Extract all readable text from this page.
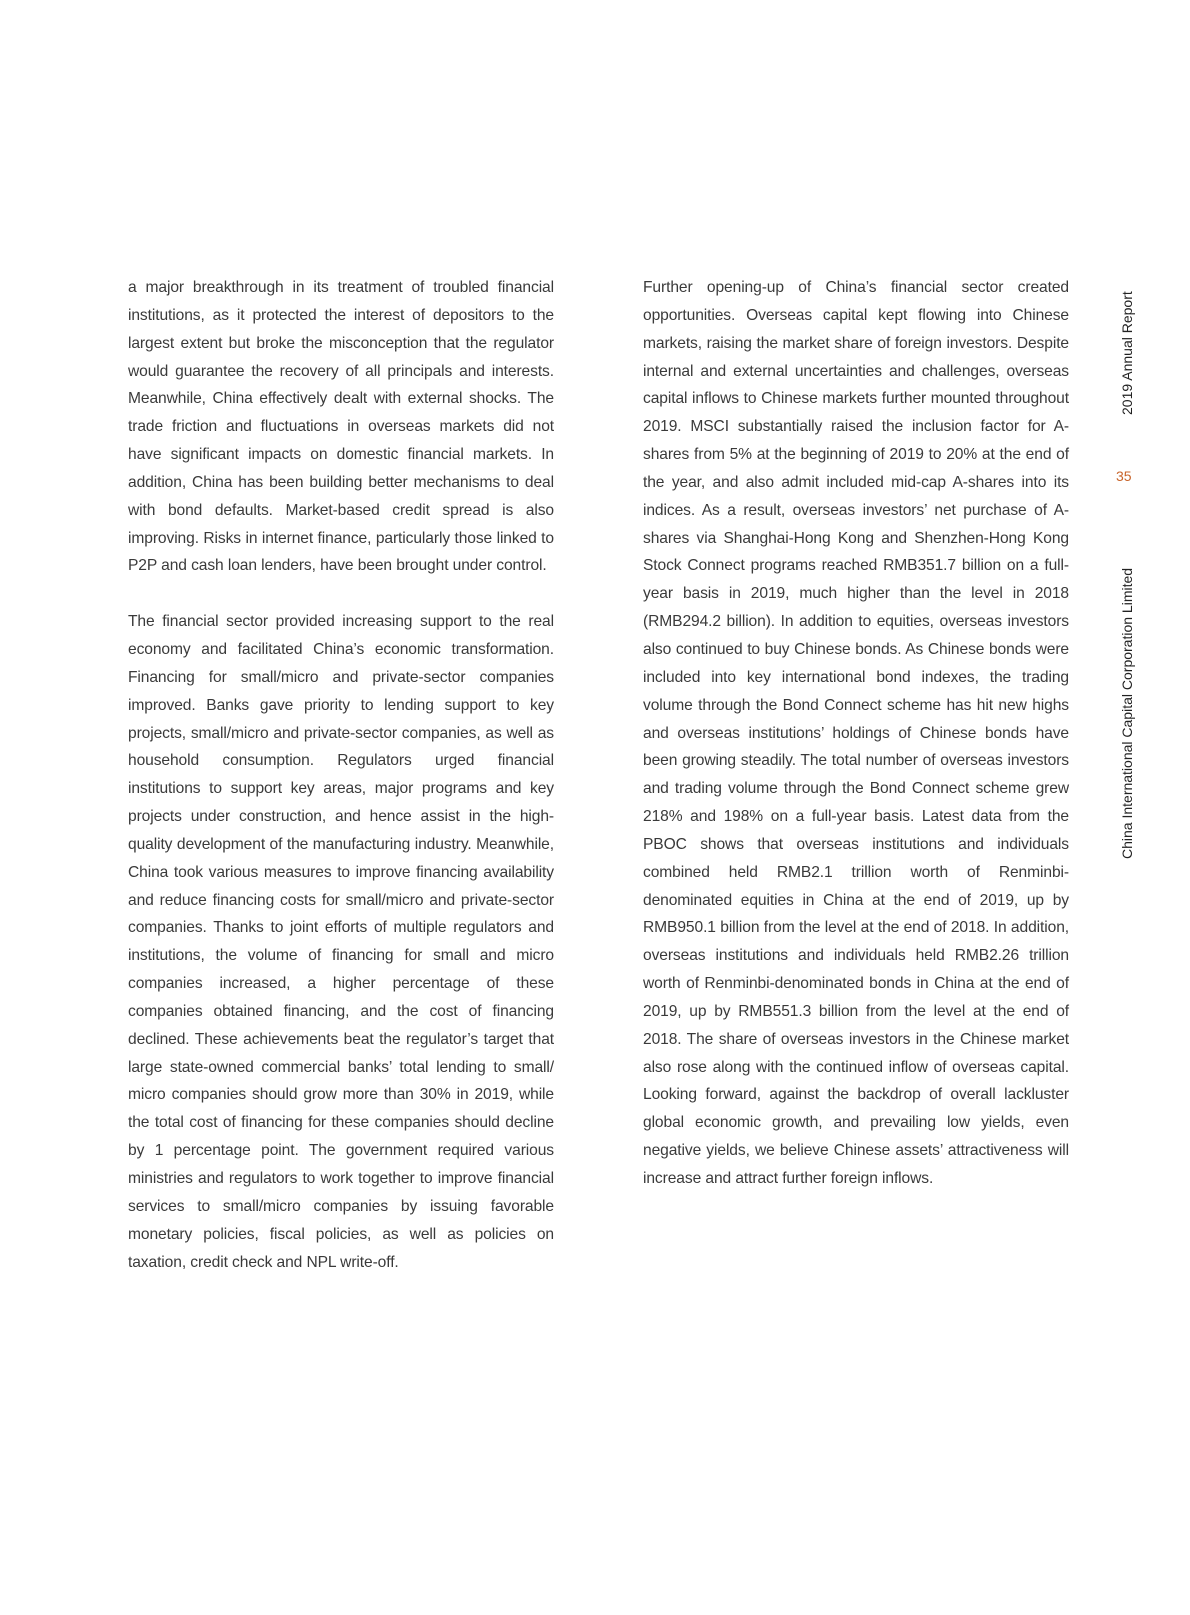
a major breakthrough in its treatment of troubled financial institutions, as it protected the interest of depositors to the largest extent but broke the misconception that the regulator would guarantee the recovery of all principals and interests. Meanwhile, China effectively dealt with external shocks. The trade friction and fluctuations in overseas markets did not have significant impacts on domestic financial markets. In addition, China has been building better mechanisms to deal with bond defaults. Market-based credit spread is also improving. Risks in internet finance, particularly those linked to P2P and cash loan lenders, have been brought under control.

The financial sector provided increasing support to the real economy and facilitated China’s economic transformation. Financing for small/micro and private-sector companies improved. Banks gave priority to lending support to key projects, small/micro and private-sector companies, as well as household consumption. Regulators urged financial institutions to support key areas, major programs and key projects under construction, and hence assist in the high-quality development of the manufacturing industry. Meanwhile, China took various measures to improve financing availability and reduce financing costs for small/micro and private-sector companies. Thanks to joint efforts of multiple regulators and institutions, the volume of financing for small and micro companies increased, a higher percentage of these companies obtained financing, and the cost of financing declined. These achievements beat the regulator’s target that large state-owned commercial banks’ total lending to small/ micro companies should grow more than 30% in 2019, while the total cost of financing for these companies should decline by 1 percentage point. The government required various ministries and regulators to work together to improve financial services to small/micro companies by issuing favorable monetary policies, fiscal policies, as well as policies on taxation, credit check and NPL write-off.

Further opening-up of China’s financial sector created opportunities. Overseas capital kept flowing into Chinese markets, raising the market share of foreign investors. Despite internal and external uncertainties and challenges, overseas capital inflows to Chinese markets further mounted throughout 2019. MSCI substantially raised the inclusion factor for A-shares from 5% at the beginning of 2019 to 20% at the end of the year, and also admit included mid-cap A-shares into its indices. As a result, overseas investors’ net purchase of A-shares via Shanghai-Hong Kong and Shenzhen-Hong Kong Stock Connect programs reached RMB351.7 billion on a full-year basis in 2019, much higher than the level in 2018 (RMB294.2 billion). In addition to equities, overseas investors also continued to buy Chinese bonds. As Chinese bonds were included into key international bond indexes, the trading volume through the Bond Connect scheme has hit new highs and overseas institutions’ holdings of Chinese bonds have been growing steadily. The total number of overseas investors and trading volume through the Bond Connect scheme grew 218% and 198% on a full-year basis. Latest data from the PBOC shows that overseas institutions and individuals combined held RMB2.1 trillion worth of Renminbi-denominated equities in China at the end of 2019, up by RMB950.1 billion from the level at the end of 2018. In addition, overseas institutions and individuals held RMB2.26 trillion worth of Renminbi-denominated bonds in China at the end of 2019, up by RMB551.3 billion from the level at the end of 2018. The share of overseas investors in the Chinese market also rose along with the continued inflow of overseas capital. Looking forward, against the backdrop of overall lackluster global economic growth, and prevailing low yields, even negative yields, we believe Chinese assets’ attractiveness will increase and attract further foreign inflows.

2019 Annual Report
35
China International Capital Corporation Limited
